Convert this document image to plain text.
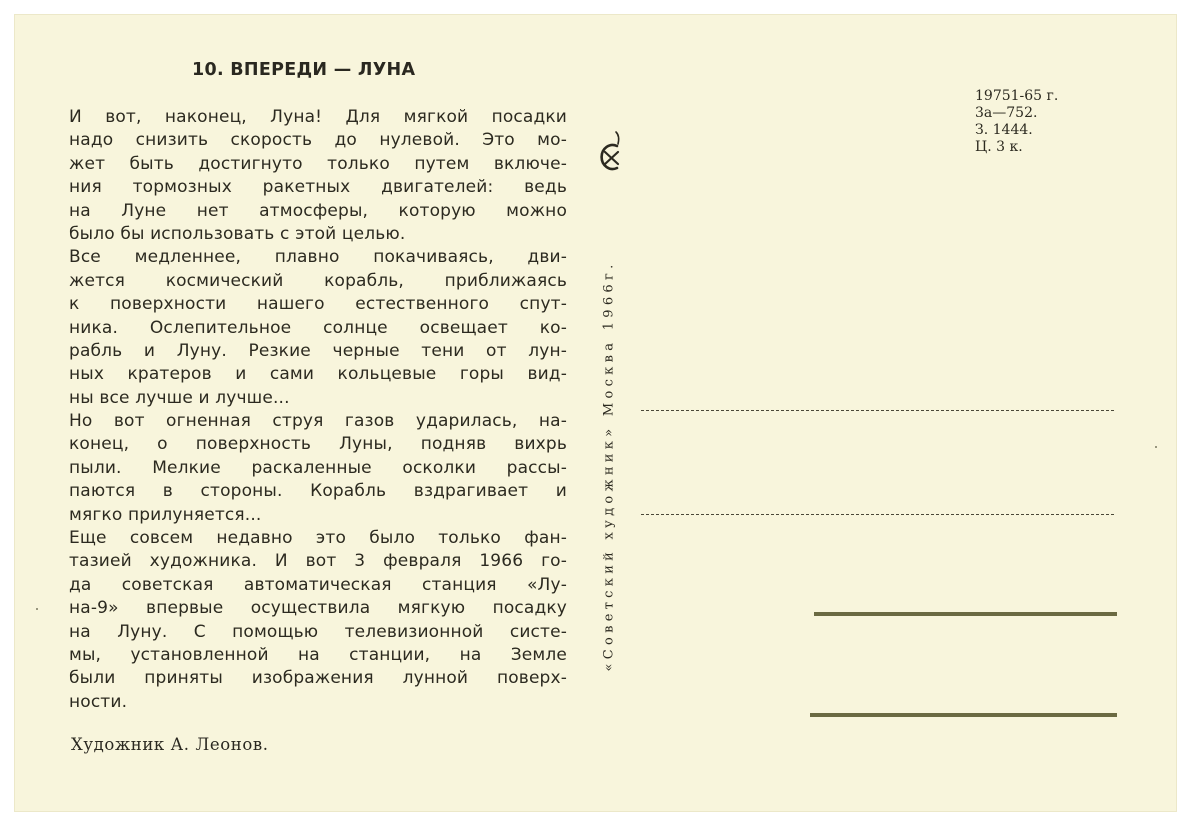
10. ВПЕРЕДИ — ЛУНА
И вот, наконец, Луна! Для мягкой посадки
надо снизить скорость до нулевой. Это мо-
жет быть достигнуто только путем включе-
ния тормозных ракетных двигателей: ведь
на Луне нет атмосферы, которую можно
было бы использовать с этой целью.
Все медленнее, плавно покачиваясь, дви-
жется космический корабль, приближаясь
к поверхности нашего естественного спут-
ника. Ослепительное солнце освещает ко-
рабль и Луну. Резкие черные тени от лун-
ных кратеров и сами кольцевые горы вид-
ны все лучше и лучше...
Но вот огненная струя газов ударилась, на-
конец, о поверхность Луны, подняв вихрь
пыли. Мелкие раскаленные осколки рассы-
паются в стороны. Корабль вздрагивает и
мягко прилуняется...
Еще совсем недавно это было только фан-
тазией художника. И вот 3 февраля 1966 го-
да советская автоматическая станция «Лу-
на-9» впервые осуществила мягкую посадку
на Луну. С помощью телевизионной систе-
мы, установленной на станции, на Земле
были приняты изображения лунной поверх-
ности.
Художник А. Леонов.
«Советский художник» Москва 1966г.
19751-65 г.
3а—752.
З. 1444.
Ц. 3 к.
